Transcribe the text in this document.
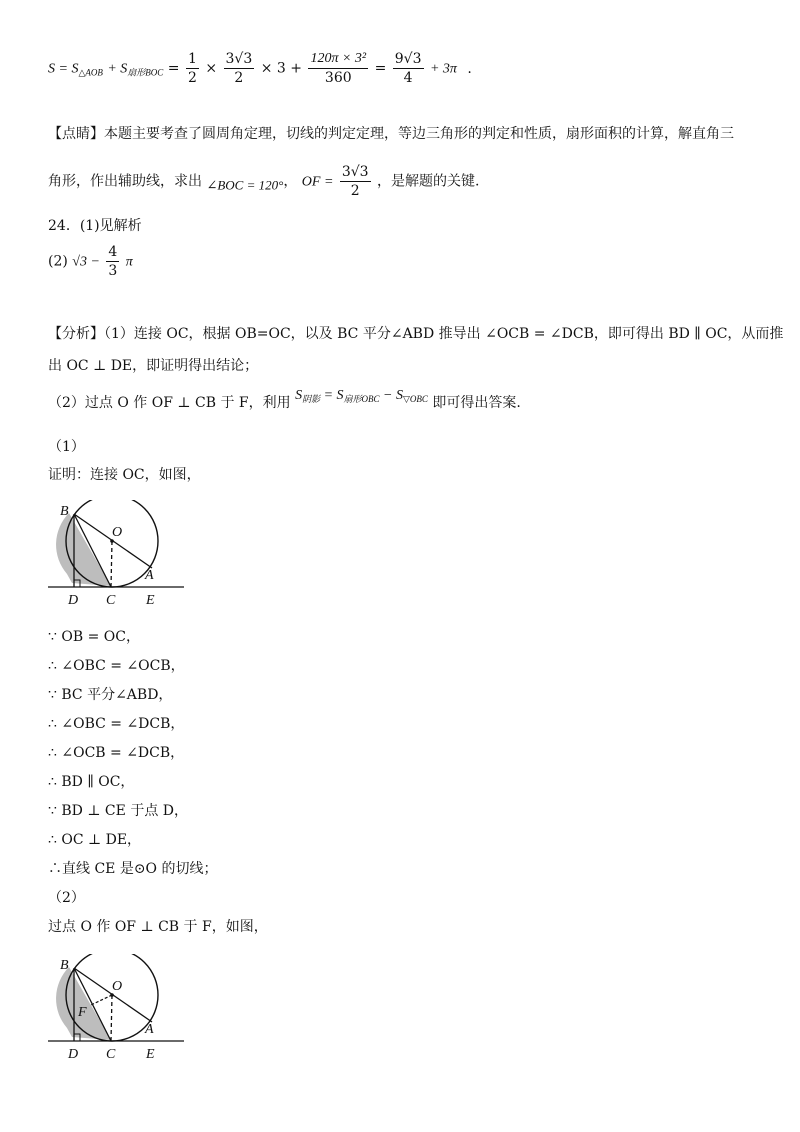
$S = S_{\triangle AOB} + S_{扇形BOC} = \frac{1}{2} \times \frac{3√3}{2} \times 3 + \frac{\text{120π × 3²}}{360} = \frac{9√3}{4} + 3\pi$ .
【点睛】本题主要考查了圆周角定理，切线的判定定理，等边三角形的判定和性质，扇形面积的计算，解直角三
角形，作出辅助线，求出 ∠BOC = 120°， OF = $\frac{3√3}{2}$ ，是解题的关键.
24．(1)见解析
(2) $√3 - \frac{4}{3}$ π
【分析】（1）连接 OC，根据 OB=OC，以及 BC 平分∠ABD 推导出 ∠OCB = ∠DCB，即可得出 BD ∥ OC，从而推
出 OC ⊥ DE，即证明得出结论；
（2）过点 O 作 OF ⊥ CB 于 F，利用 $S_{阴影} = S_{扇形OBC} - S_{▽OBC}$ 即可得出答案.
（1）
证明：连接 OC，如图，
B
O
A
D C E
∵ OB = OC，
∴ ∠OBC = ∠OCB，
∵ BC 平分∠ABD，
∴ ∠OBC = ∠DCB，
∴ ∠OCB = ∠DCB，
∴ BD ∥ OC，
∵ BD ⊥ CE 于点 D，
∴ OC ⊥ DE，
∴直线 CE 是⊙O 的切线；
（2）
过点 O 作 OF ⊥ CB 于 F，如图，
B
O
F
A
D C E
